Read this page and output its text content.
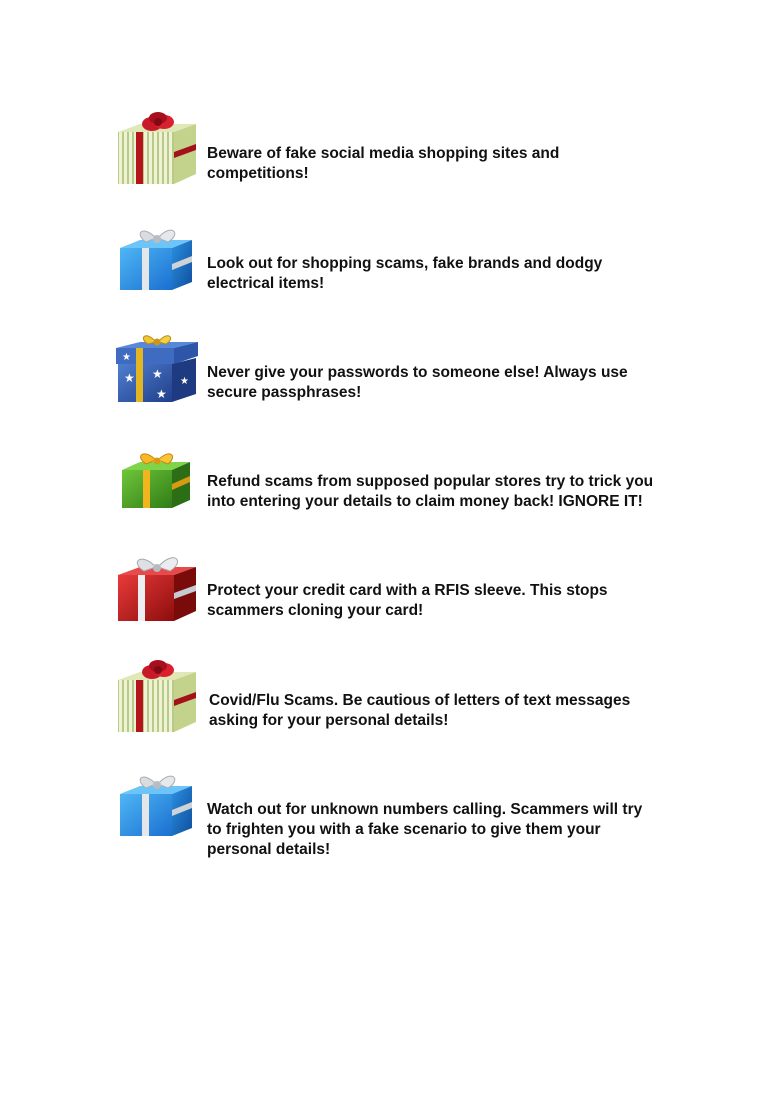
Beware of fake social media shopping sites and
competitions!
Look out for shopping scams, fake brands and dodgy
electrical items!
★ ★
★
★
★
Never give your passwords to someone else! Always use
secure passphrases!
Refund scams from supposed popular stores try to trick you
into entering your details to claim money back! IGNORE IT!
Protect your credit card with a RFIS sleeve. This stops
scammers cloning your card!
Covid/Flu Scams. Be cautious of letters of text messages
asking for your personal details!
Watch out for unknown numbers calling. Scammers will try
to frighten you with a fake scenario to give them your
personal details!
